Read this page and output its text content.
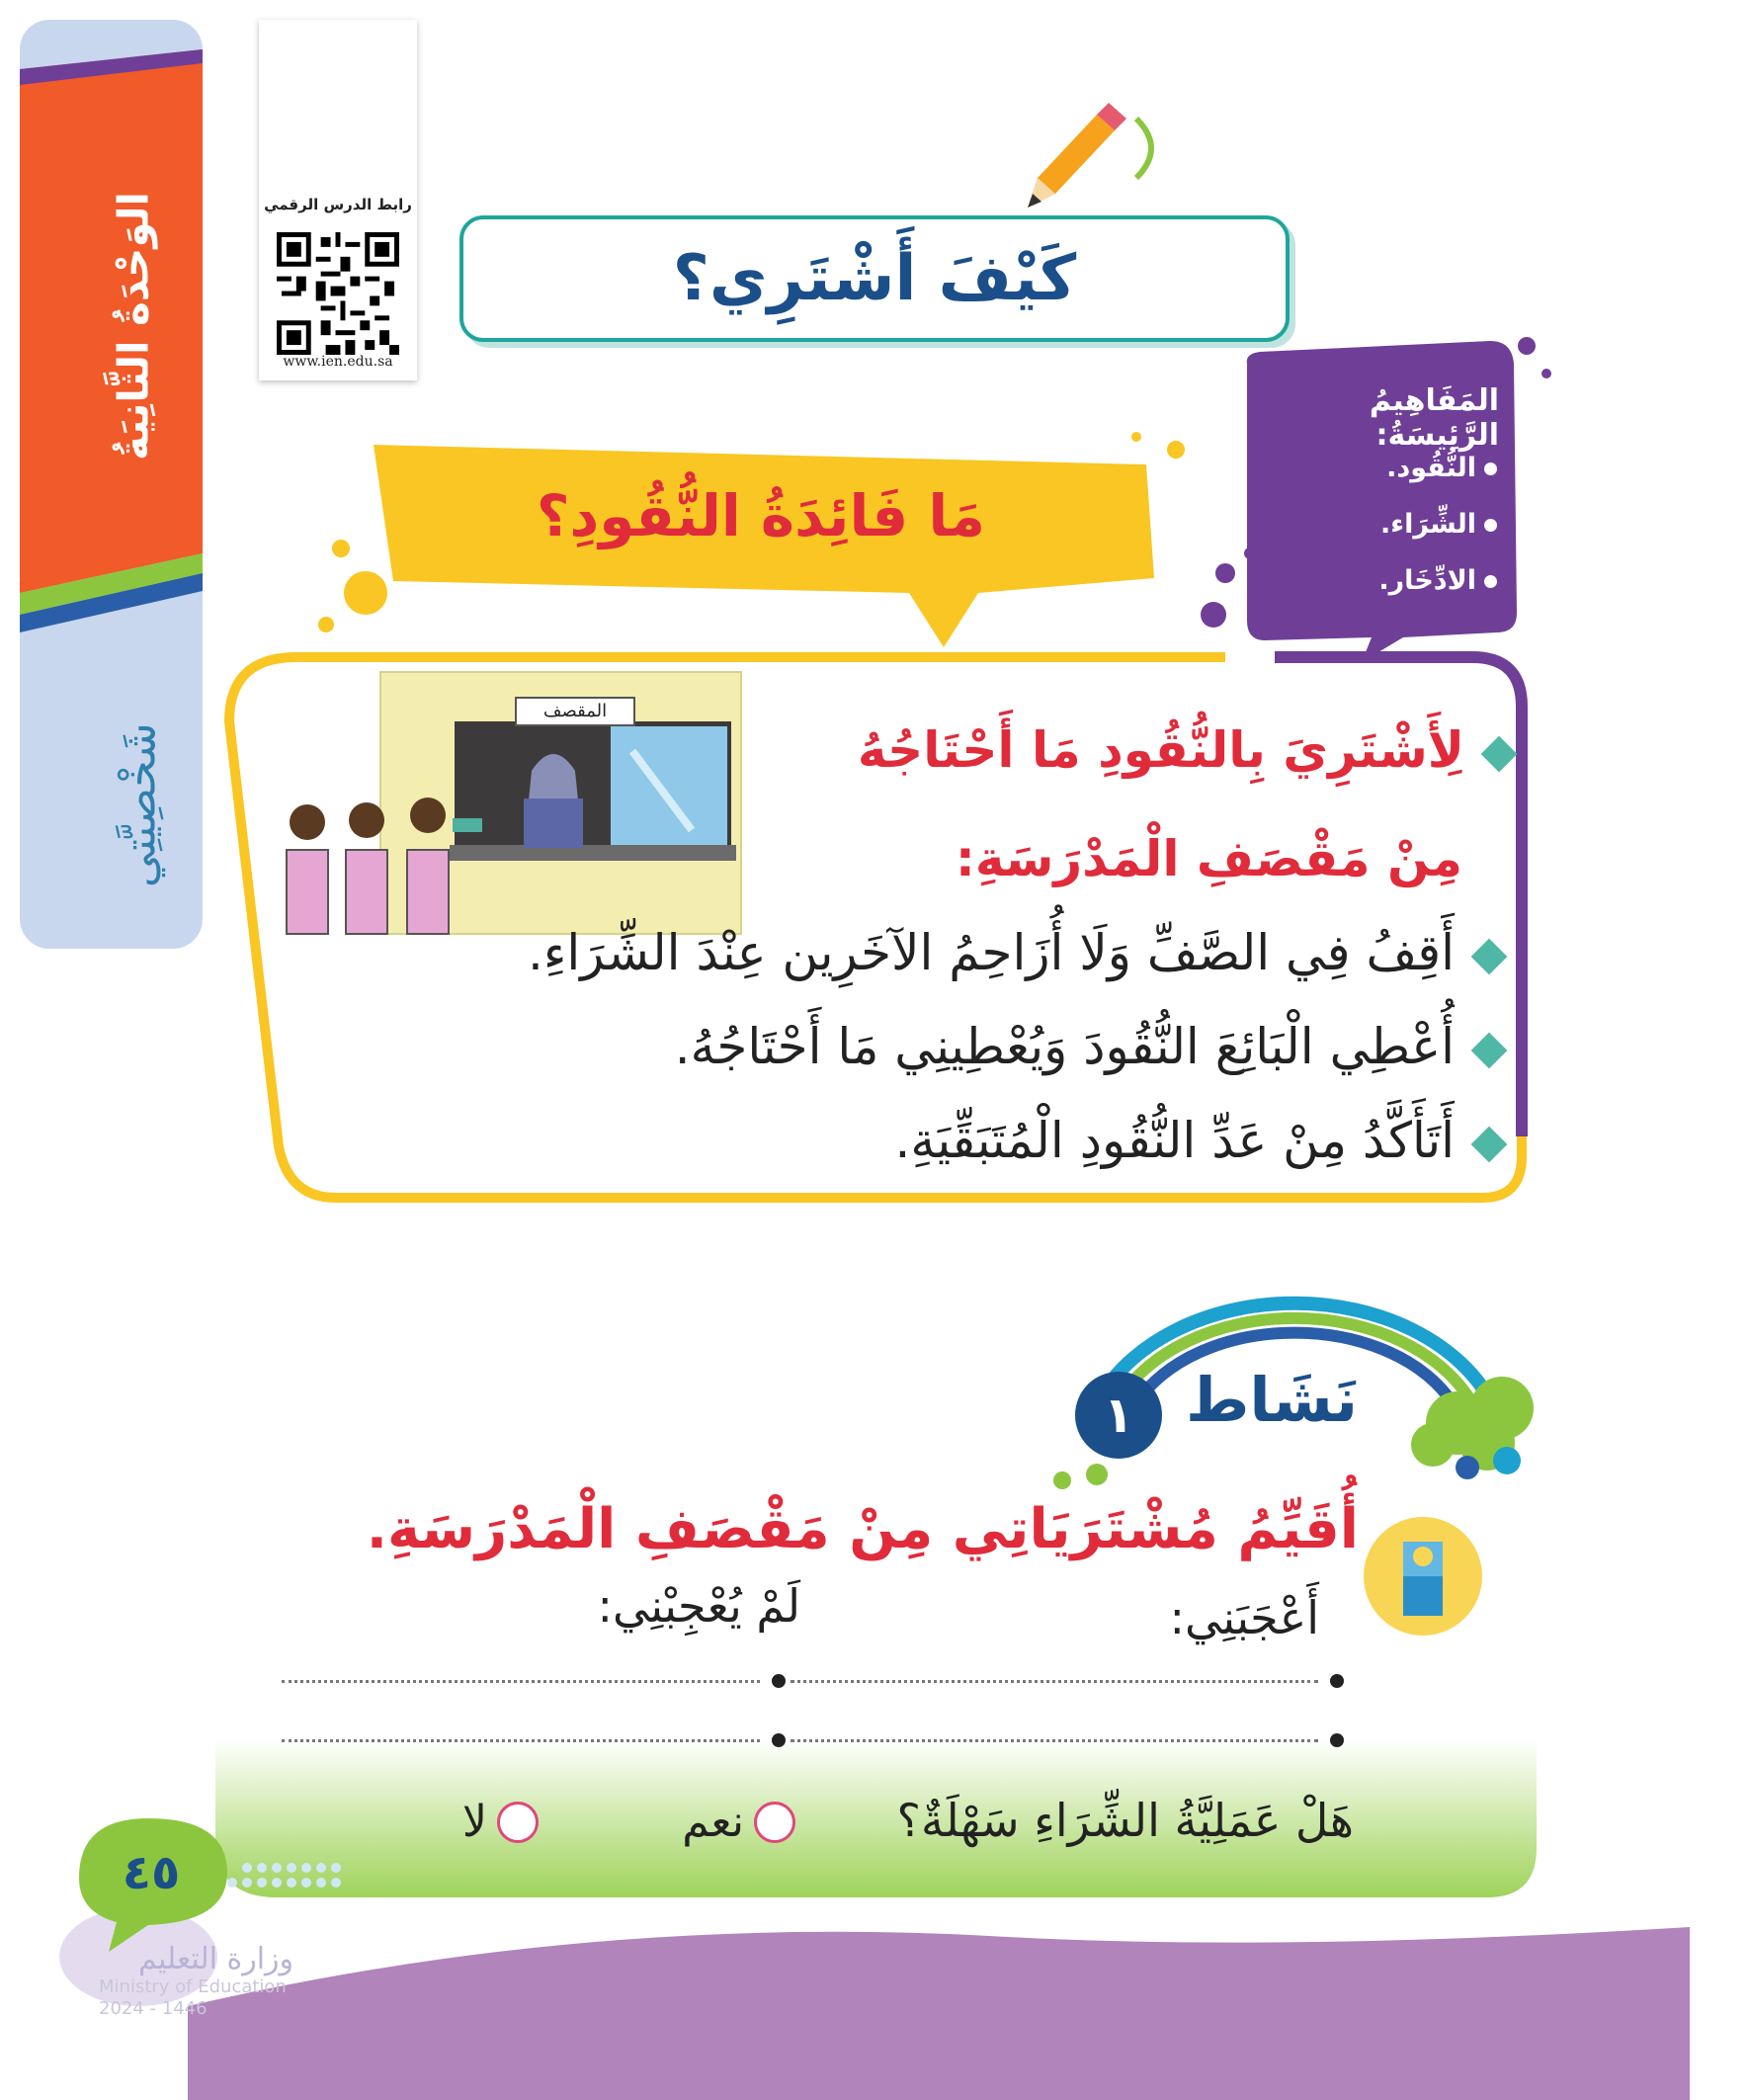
الوَحْدَةُ الثَّانِيَةُ
شَخْصِيَّتِي
رابط الدرس الرقمي
www.ien.edu.sa
كَيْفَ أَشْتَرِي؟
المَفَاهِيمُ الرَّئِيسَةُ:
النُّقُود.
الشِّرَاء.
الادِّخَار.
مَا فَائِدَةُ النُّقُودِ؟
المقصف
لِأَشْتَرِيَ بِالنُّقُودِ مَا أَحْتَاجُهُ
مِنْ مَقْصَفِ الْمَدْرَسَةِ:
أَقِفُ فِي الصَّفِّ وَلَا أُزَاحِمُ الآخَرِين عِنْدَ الشِّرَاءِ.
أُعْطِي الْبَائِعَ النُّقُودَ وَيُعْطِينِي مَا أَحْتَاجُهُ.
أَتَأَكَّدُ مِنْ عَدِّ النُّقُودِ الْمُتَبَقِّيَةِ.
نَشَاط
١
أُقَيِّمُ مُشْتَرَيَاتِي مِنْ مَقْصَفِ الْمَدْرَسَةِ.
أَعْجَبَنِي:
لَمْ يُعْجِبْنِي:
هَلْ عَمَلِيَّةُ الشِّرَاءِ سَهْلَةٌ؟
نعم
لا
٤٥
وزارة التعليم
Ministry of Education
2024 - 1446
